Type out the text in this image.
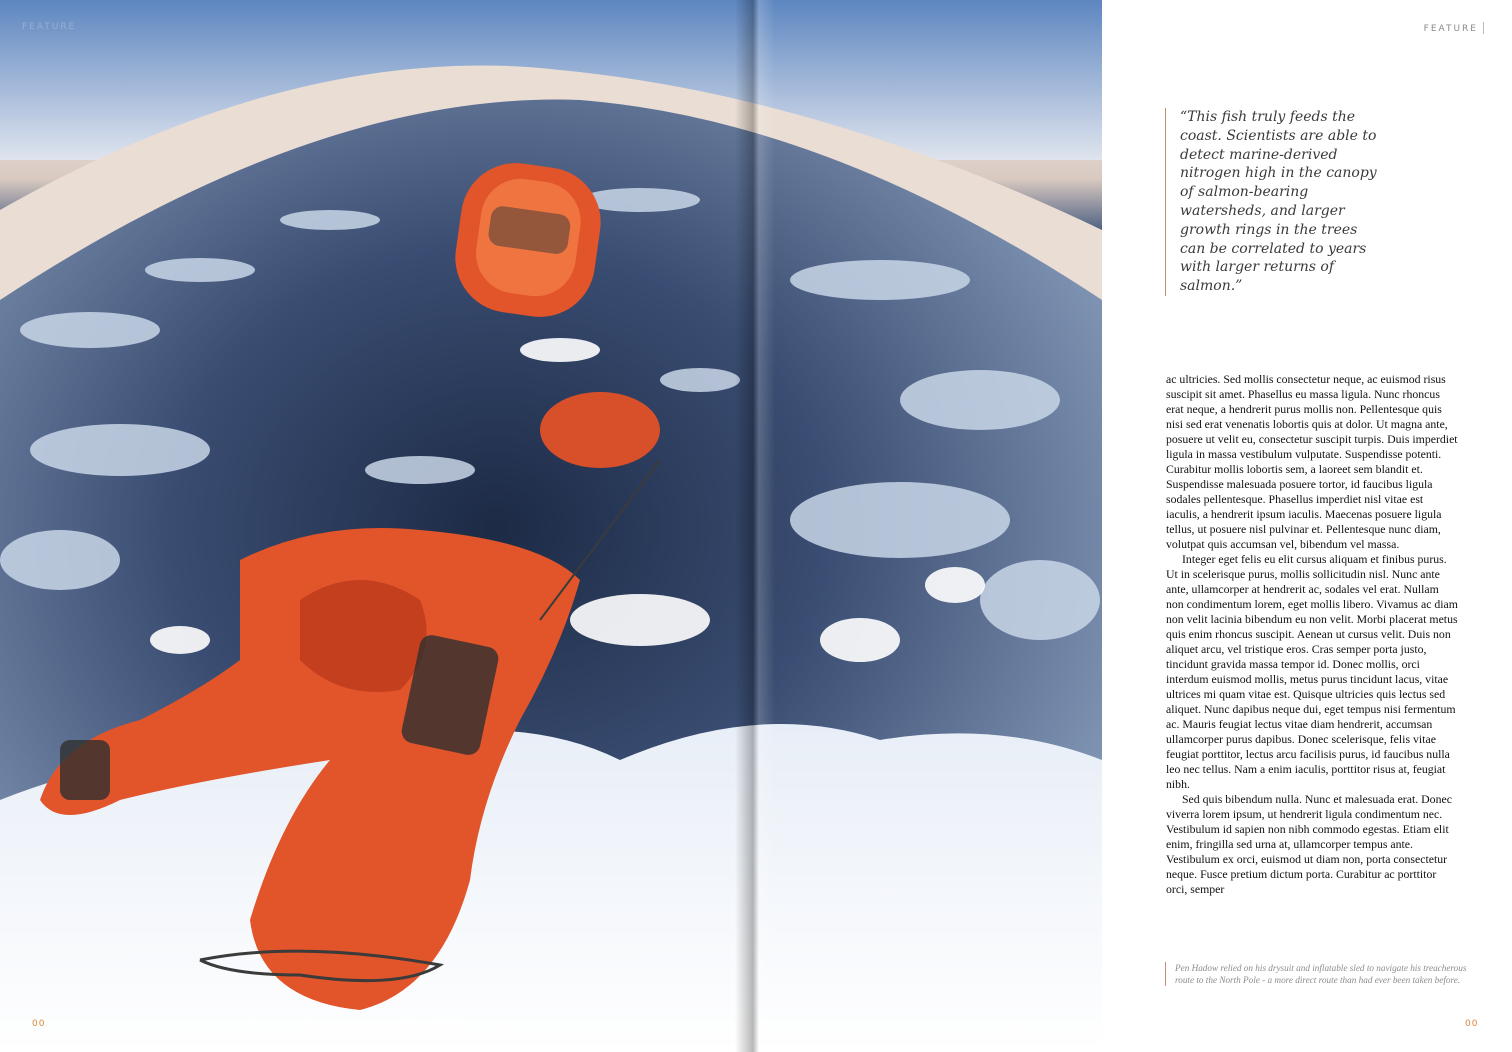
FEATURE
Oceanographic Mag 2018
FEATURE
“This fish truly feeds the coast. Scientists are able to detect marine-derived nitrogen high in the canopy of salmon-bearing watersheds, and larger growth rings in the trees can be correlated to years with larger returns of salmon.”

ac ultricies. Sed mollis consectetur neque, ac euismod risus suscipit sit amet. Phasellus eu massa ligula. Nunc rhoncus erat neque, a hendrerit purus mollis non. Pellentesque quis nisi sed erat venenatis lobortis quis at dolor. Ut magna ante, posuere ut velit eu, consectetur suscipit turpis. Duis imperdiet ligula in massa vestibulum vulputate. Suspendisse potenti. Curabitur mollis lobortis sem, a laoreet sem blandit et. Suspendisse malesuada posuere tortor, id faucibus ligula sodales pellentesque. Phasellus imperdiet nisl vitae est iaculis, a hendrerit ipsum iaculis. Maecenas posuere ligula tellus, ut posuere nisl pulvinar et. Pellentesque nunc diam, volutpat quis accumsan vel, bibendum vel massa.

Integer eget felis eu elit cursus aliquam et finibus purus. Ut in scelerisque purus, mollis sollicitudin nisl. Nunc ante ante, ullamcorper at hendrerit ac, sodales vel erat. Nullam non condimentum lorem, eget mollis libero. Vivamus ac diam non velit lacinia bibendum eu non velit. Morbi placerat metus quis enim rhoncus suscipit. Aenean ut cursus velit. Duis non aliquet arcu, vel tristique eros. Cras semper porta justo, tincidunt gravida massa tempor id. Donec mollis, orci interdum euismod mollis, metus purus tincidunt lacus, vitae ultrices mi quam vitae est. Quisque ultricies quis lectus sed aliquet. Nunc dapibus neque dui, eget tempus nisi fermentum ac. Mauris feugiat lectus vitae diam hendrerit, accumsan ullamcorper purus dapibus. Donec scelerisque, felis vitae feugiat porttitor, lectus arcu facilisis purus, id faucibus nulla leo nec tellus. Nam a enim iaculis, porttitor risus at, feugiat nibh.

Sed quis bibendum nulla. Nunc et malesuada erat. Donec viverra lorem ipsum, ut hendrerit ligula condimentum nec. Vestibulum id sapien non nibh commodo egestas. Etiam elit enim, fringilla sed urna at, ullamcorper tempus ante. Vestibulum ex orci, euismod ut diam non, porta consectetur neque. Fusce pretium dictum porta. Curabitur ac porttitor orci, semper

Pen Hadow relied on his drysuit and inflatable sled to navigate his treacherous route to the North Pole - a more direct route than had ever been taken before.
00	00
